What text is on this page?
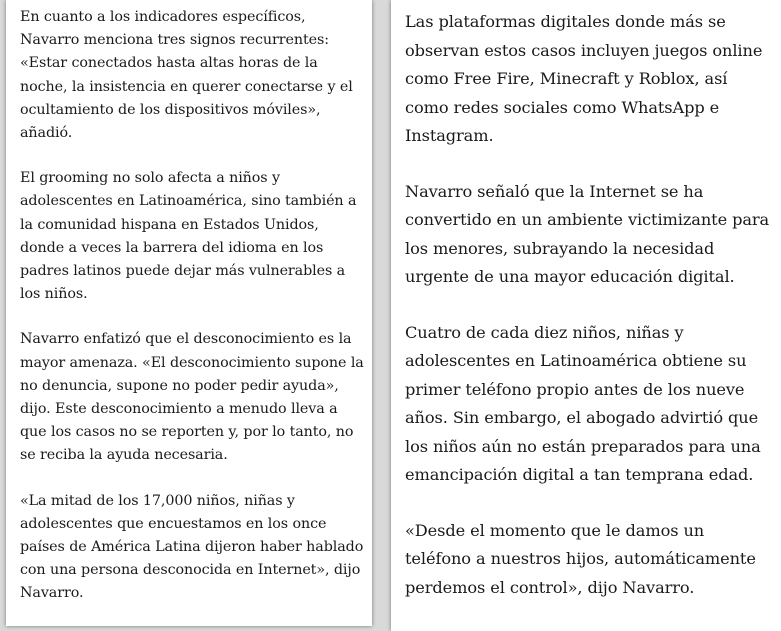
En cuanto a los indicadores específicos, Navarro menciona tres signos recurrentes: «Estar conectados hasta altas horas de la noche, la insistencia en querer conectarse y el ocultamiento de los dispositivos móviles», añadió.

El grooming no solo afecta a niños y adolescentes en Latinoamérica, sino también a la comunidad hispana en Estados Unidos, donde a veces la barrera del idioma en los padres latinos puede dejar más vulnerables a los niños.

Navarro enfatizó que el desconocimiento es la mayor amenaza. «El desconocimiento supone la no denuncia, supone no poder pedir ayuda», dijo. Este desconocimiento a menudo lleva a que los casos no se reporten y, por lo tanto, no se reciba la ayuda necesaria.

«La mitad de los 17,000 niños, niñas y adolescentes que encuestamos en los once países de América Latina dijeron haber hablado con una persona desconocida en Internet», dijo Navarro.

Las plataformas digitales donde más se observan estos casos incluyen juegos online como Free Fire, Minecraft y Roblox, así como redes sociales como WhatsApp e Instagram.

Navarro señaló que la Internet se ha convertido en un ambiente victimizante para los menores, subrayando la necesidad urgente de una mayor educación digital.

Cuatro de cada diez niños, niñas y adolescentes en Latinoamérica obtiene su primer teléfono propio antes de los nueve años. Sin embargo, el abogado advirtió que los niños aún no están preparados para una emancipación digital a tan temprana edad.

«Desde el momento que le damos un teléfono a nuestros hijos, automáticamente perdemos el control», dijo Navarro.
